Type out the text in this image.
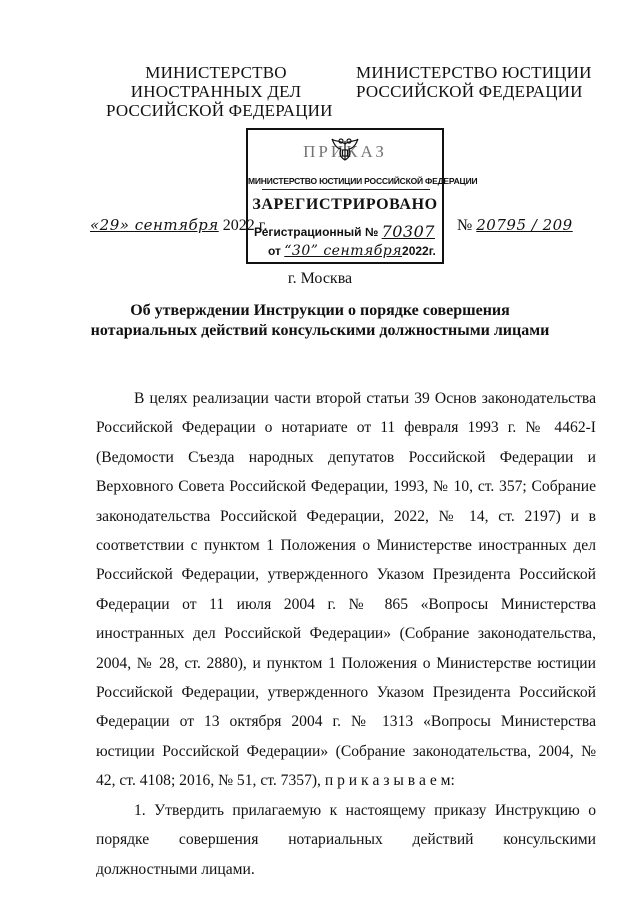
МИНИСТЕРСТВО
ИНОСТРАННЫХ ДЕЛ
РОССИЙСКОЙ ФЕДЕРАЦИИ
МИНИСТЕРСТВО ЮСТИЦИИ
РОССИЙСКОЙ ФЕДЕРАЦИИ
ПРИКАЗ
МИНИСТЕРСТВО ЮСТИЦИИ РОССИЙСКОЙ ФЕДЕРАЦИИ
ЗАРЕГИСТРИРОВАНО
Регистрационный № 70307
от “30” сентября2022г.
«29» сентября 2022 г.	№ 20795 / 209
г. Москва
Об утверждении Инструкции о порядке совершения
нотариальных действий консульскими должностными лицами

В целях реализации части второй статьи 39 Основ законодательства Российской Федерации о нотариате от 11 февраля 1993 г. № 4462-I (Ведомости Съезда народных депутатов Российской Федерации и Верховного Совета Российской Федерации, 1993, № 10, ст. 357; Собрание законодательства Российской Федерации, 2022, № 14, ст. 2197) и в соответствии с пунктом 1 Положения о Министерстве иностранных дел Российской Федерации, утвержденного Указом Президента Российской Федерации от 11 июля 2004 г. № 865 «Вопросы Министерства иностранных дел Российской Федерации» (Собрание законодательства, 2004, № 28, ст. 2880), и пунктом 1 Положения о Министерстве юстиции Российской Федерации, утвержденного Указом Президента Российской Федерации от 13 октября 2004 г. № 1313 «Вопросы Министерства юстиции Российской Федерации» (Собрание законодательства, 2004, № 42, ст. 4108; 2016, № 51, ст. 7357), п р и к а з ы в а е м:

1. Утвердить прилагаемую к настоящему приказу Инструкцию о порядке совершения нотариальных действий консульскими должностными лицами.
